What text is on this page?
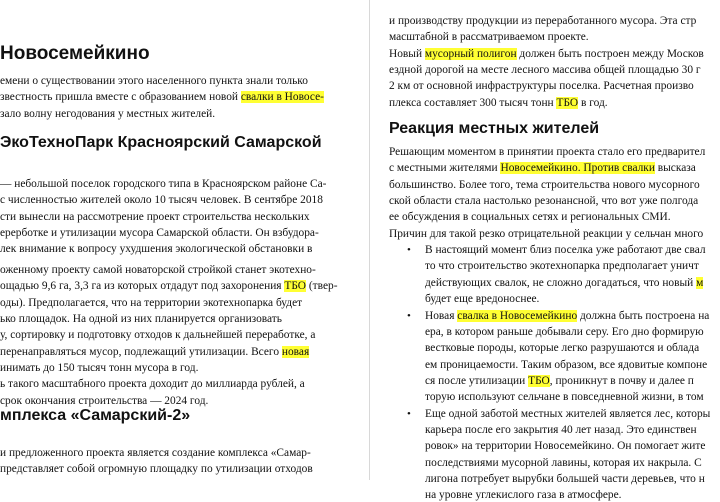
Новосемейкино

емени о существовании этого населенного пункта знали только

звестность пришла вместе с образованием новой свалки в Новосе-

зало волну негодования у местных жителей.

ЭкоТехноПарк Красноярский Самарской

— небольшой поселок городского типа в Красноярском районе Са-

с численностью жителей около 10 тысяч человек. В сентябре 2018

сти вынесли на рассмотрение проект строительства нескольких

ерерботке и утилизации мусора Самарской области. Он взбудора-

лек внимание к вопросу ухудшения экологической обстановки в

оженному проекту самой новаторской стройкой станет экотехно-

ощадью 9,6 га, 3,3 га из которых отдадут под захоронения ТБО (твер-

оды). Предполагается, что на территории экотехнопарка будет

ько площадок. На одной из них планируется организовать

у, сортировку и подготовку отходов к дальнейшей переработке, а

перенаправляться мусор, подлежащий утилизации. Всего новая

инимать до 150 тысяч тонн мусора в год.

ь такого масштабного проекта доходит до миллиарда рублей, а

срок окончания строительства — 2024 год.

мплекса «Самарский-2»

и предложенного проекта является создание комплекса «Самар-

представляет собой огромную площадку по утилизации отходов

и производству продукции из переработанного мусора. Эта стр

масштабной в рассматриваемом проекте.

Новый мусорный полигон должен быть построен между Москов

ездной дорогой на месте лесного массива общей площадью 30 г

2 км от основной инфраструктуры поселка. Расчетная произво

плекса составляет 300 тысяч тонн ТБО в год.

Реакция местных жителей

Решающим моментом в принятии проекта стало его предварител

с местными жителями Новосемейкино. Против свалки высказа

большинство. Более того, тема строительства нового мусорного

ской области стала настолько резонансной, что вот уже полгода

ее обсуждения в социальных сетях и региональных СМИ.

Причин для такой резко отрицательной реакции у сельчан много

• В настоящий момент близ поселка уже работают две свал

то что строительство экотехнопарка предполагает уничт

действующих свалок, не сложно догадаться, что новый м

будет еще вредоноснее.

• Новая свалка в Новосемейкино должна быть построена на

ера, в котором раньше добывали серу. Его дно формирую

вестковые породы, которые легко разрушаются и облада

ем проницаемости. Таким образом, все ядовитые компоне

ся после утилизации ТБО, проникнут в почву и далее п

торую используют сельчане в повседневной жизни, в том

• Еще одной заботой местных жителей является лес, которы

карьера после его закрытия 40 лет назад. Это единствен

ровок» на территории Новосемейкино. Он помогает жите

последствиями мусорной лавины, которая их накрыла. С

лигона потребует вырубки большей части деревьев, что н

на уровне углекислого газа в атмосфере.
